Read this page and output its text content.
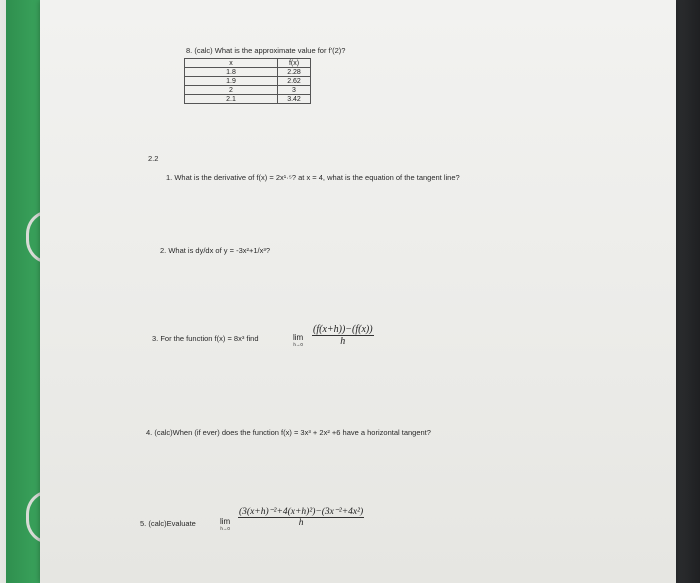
8. (calc) What is the approximate value for f'(2)?
x	f(x)
1.8	2.28
1.9	2.62
2	3
2.1	3.42
2.2
1. What is the derivative of f(x) = 2x¹·⁵? at x = 4, what is the equation of the tangent line?
2. What is dy/dx of y = -3x²+1/x³?
3. For the function f(x) = 8x³ find	lim
$h\to 0 \frac{(f(x+h))-(f(x))}{h}$
4. (calc)When (if ever) does the function f(x) = 3x³ + 2x² +6 have a horizontal tangent?
5. (calc)Evaluate	lim
h→0
$\frac{\text{(3(x+h)⁻²+4(x+h)²)−(3x⁻²+4x²)}}{h}$
